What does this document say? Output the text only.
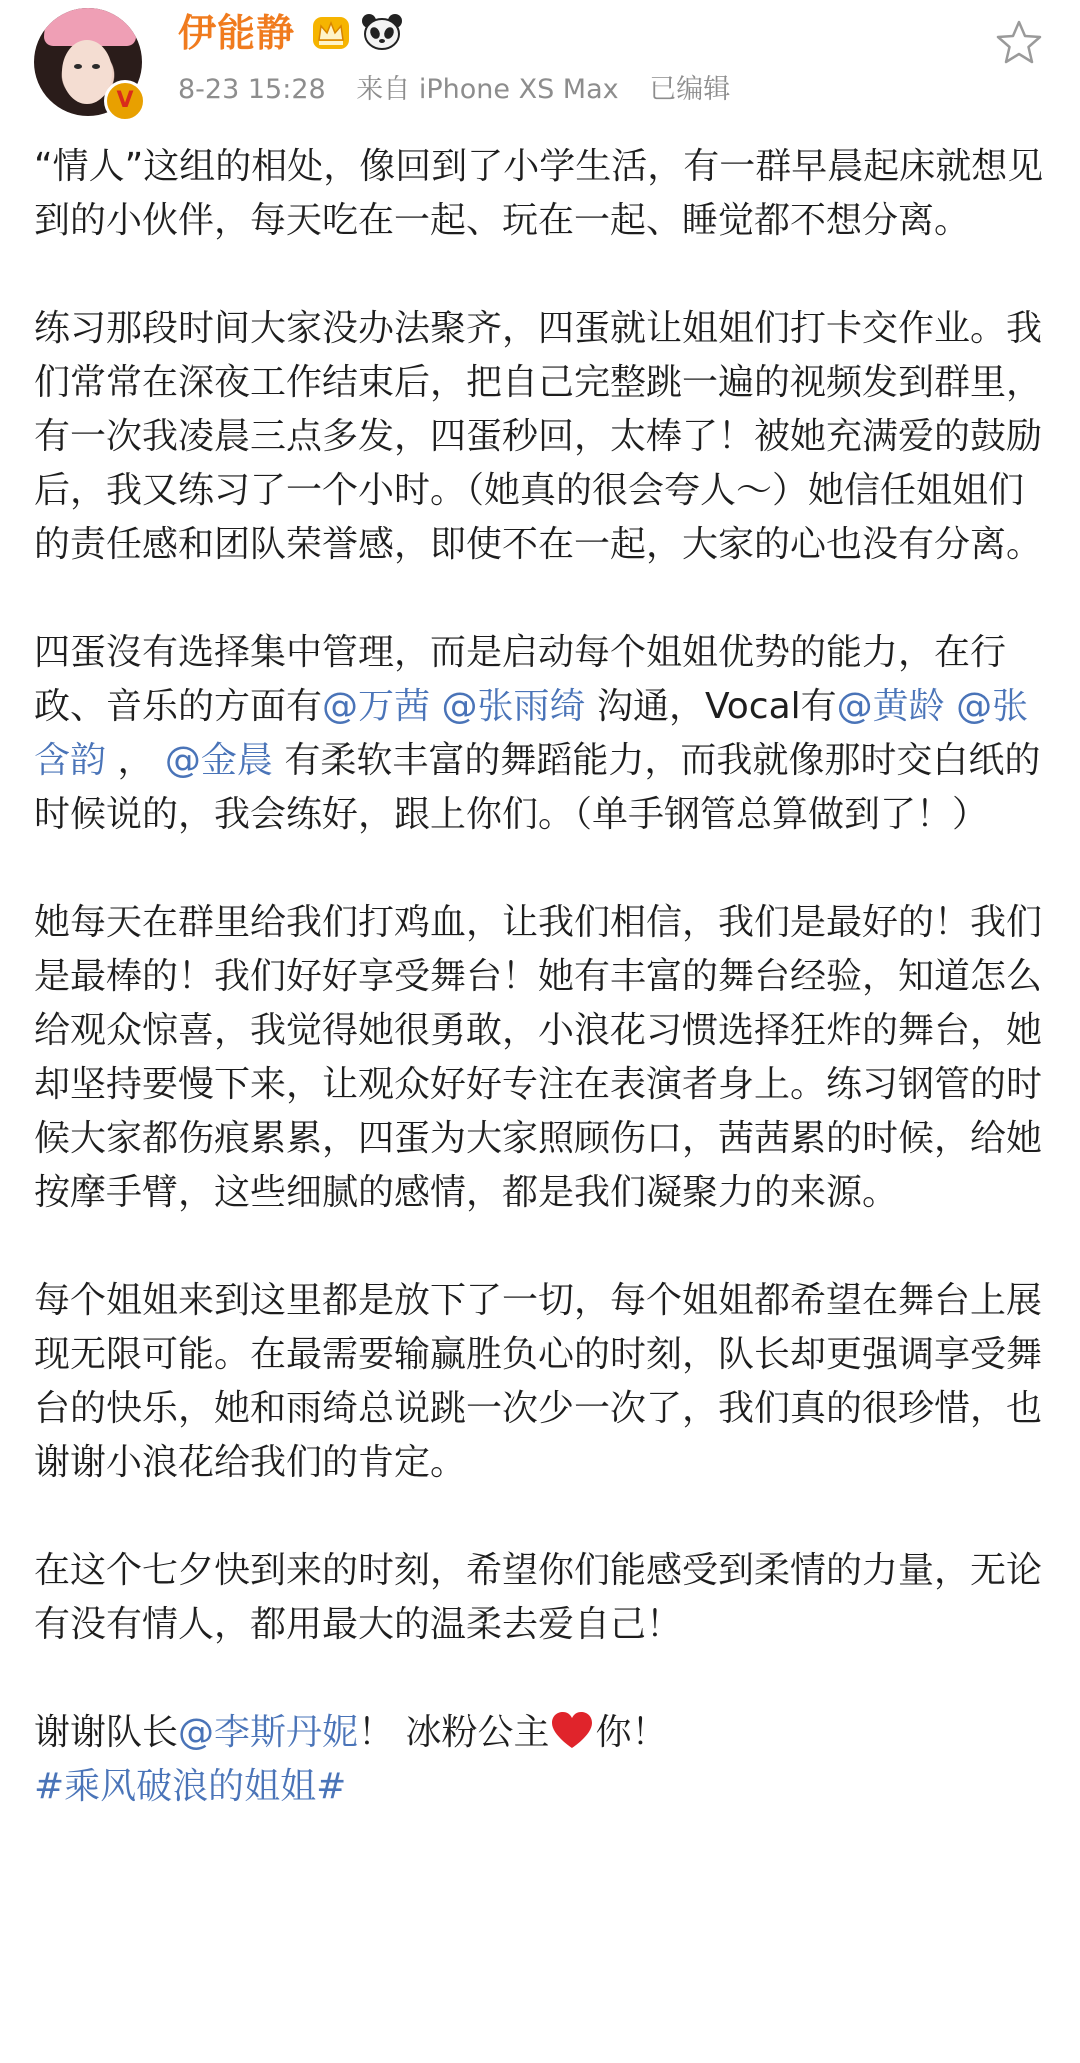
V
伊能静
8-23 15:28 来自 iPhone XS Max 已编辑

“情人”这组的相处，像回到了小学生活，有一群早晨起床就想见到的小伙伴，每天吃在一起、玩在一起、睡觉都不想分离。

练习那段时间大家没办法聚齐，四蛋就让姐姐们打卡交作业。我们常常在深夜工作结束后，把自己完整跳一遍的视频发到群里，有一次我凌晨三点多发，四蛋秒回，太棒了！被她充满爱的鼓励后，我又练习了一个小时。（她真的很会夸人～）她信任姐姐们的责任感和团队荣誉感，即使不在一起，大家的心也没有分离。

四蛋沒有选择集中管理，而是启动每个姐姐优势的能力，在行政、音乐的方面有@万茜 @张雨绮 沟通，Vocal有@黄龄 @张含韵 ， @金晨 有柔软丰富的舞蹈能力，而我就像那时交白纸的时候说的，我会练好，跟上你们。（单手钢管总算做到了！）

她每天在群里给我们打鸡血，让我们相信，我们是最好的！我们是最棒的！我们好好享受舞台！她有丰富的舞台经验，知道怎么给观众惊喜，我觉得她很勇敢，小浪花习惯选择狂炸的舞台，她却坚持要慢下来，让观众好好专注在表演者身上。练习钢管的时候大家都伤痕累累，四蛋为大家照顾伤口，茜茜累的时候，给她按摩手臂，这些细腻的感情，都是我们凝聚力的来源。

每个姐姐来到这里都是放下了一切，每个姐姐都希望在舞台上展现无限可能。在最需要输赢胜负心的时刻，队长却更强调享受舞台的快乐，她和雨绮总说跳一次少一次了，我们真的很珍惜，也谢谢小浪花给我们的肯定。

在这个七夕快到来的时刻，希望你们能感受到柔情的力量，无论有没有情人，都用最大的温柔去爱自己！

谢谢队长@李斯丹妮！ 冰粉公主 你！
#乘风破浪的姐姐#
